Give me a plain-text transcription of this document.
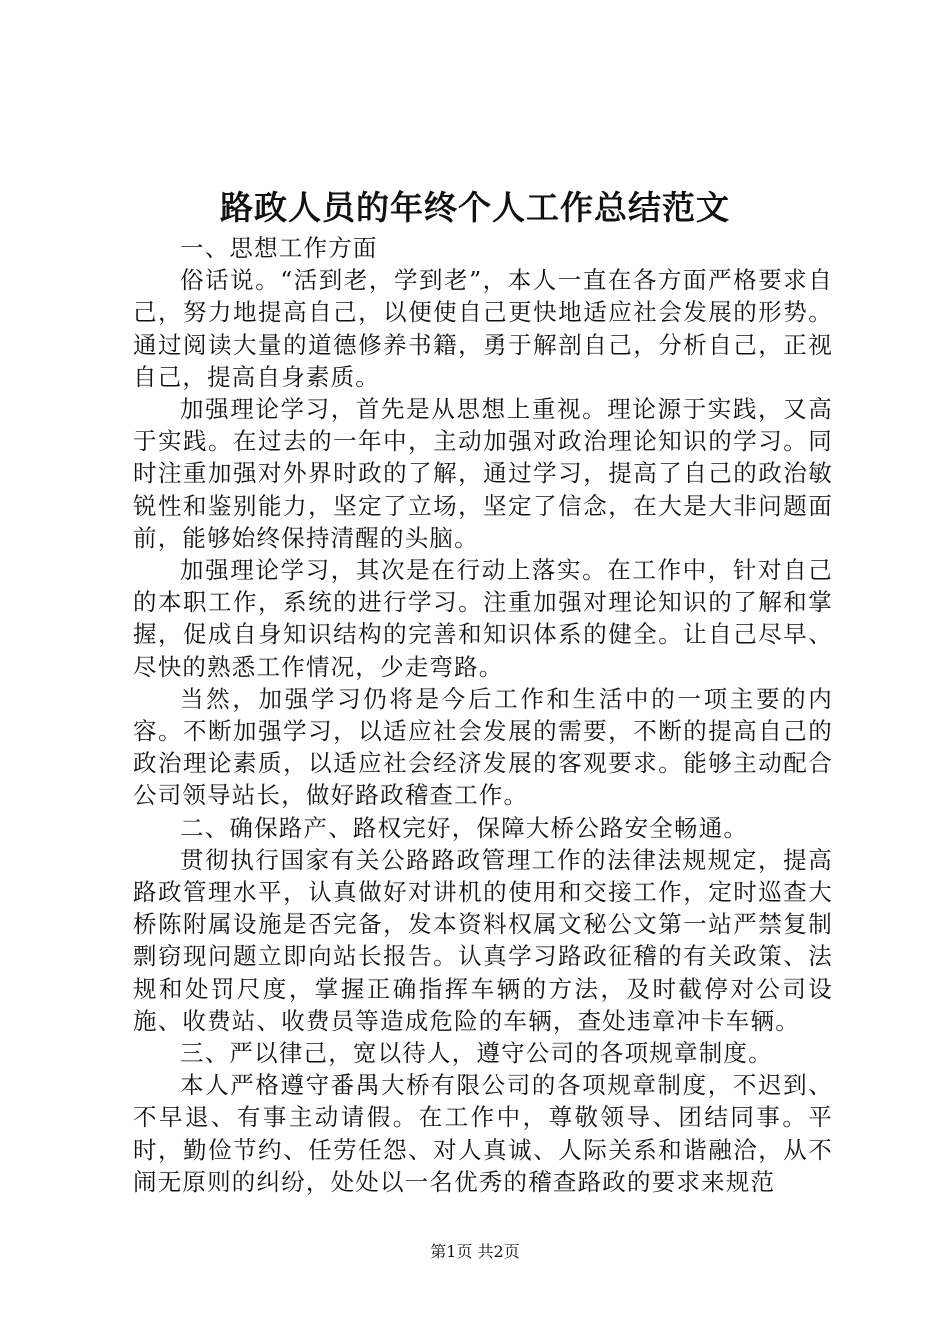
路政人员的年终个人工作总结范文

一、思想工作方面

俗话说。“活到老，学到老”，本人一直在各方面严格要求自己，努力地提高自己，以便使自己更快地适应社会发展的形势。通过阅读大量的道德修养书籍，勇于解剖自己，分析自己，正视自己，提高自身素质。

加强理论学习，首先是从思想上重视。理论源于实践，又高于实践。在过去的一年中，主动加强对政治理论知识的学习。同时注重加强对外界时政的了解，通过学习，提高了自己的政治敏锐性和鉴别能力，坚定了立场，坚定了信念，在大是大非问题面前，能够始终保持清醒的头脑。

加强理论学习，其次是在行动上落实。在工作中，针对自己的本职工作，系统的进行学习。注重加强对理论知识的了解和掌握，促成自身知识结构的完善和知识体系的健全。让自己尽早、尽快的熟悉工作情况，少走弯路。

当然，加强学习仍将是今后工作和生活中的一项主要的内容。不断加强学习，以适应社会发展的需要，不断的提高自己的政治理论素质，以适应社会经济发展的客观要求。能够主动配合公司领导站长，做好路政稽查工作。

二、确保路产、路权完好，保障大桥公路安全畅通。

贯彻执行国家有关公路路政管理工作的法律法规规定，提高路政管理水平，认真做好对讲机的使用和交接工作，定时巡查大桥陈附属设施是否完备，发本资料权属文秘公文第一站严禁复制剽窃现问题立即向站长报告。认真学习路政征稽的有关政策、法规和处罚尺度，掌握正确指挥车辆的方法，及时截停对公司设施、收费站、收费员等造成危险的车辆，查处违章冲卡车辆。

三、严以律己，宽以待人，遵守公司的各项规章制度。

本人严格遵守番禺大桥有限公司的各项规章制度，不迟到、不早退、有事主动请假。在工作中，尊敬领导、团结同事。平时，勤俭节约、任劳任怨、对人真诚、人际关系和谐融洽，从不闹无原则的纠纷，处处以一名优秀的稽查路政的要求来规范

第1页 共2页
